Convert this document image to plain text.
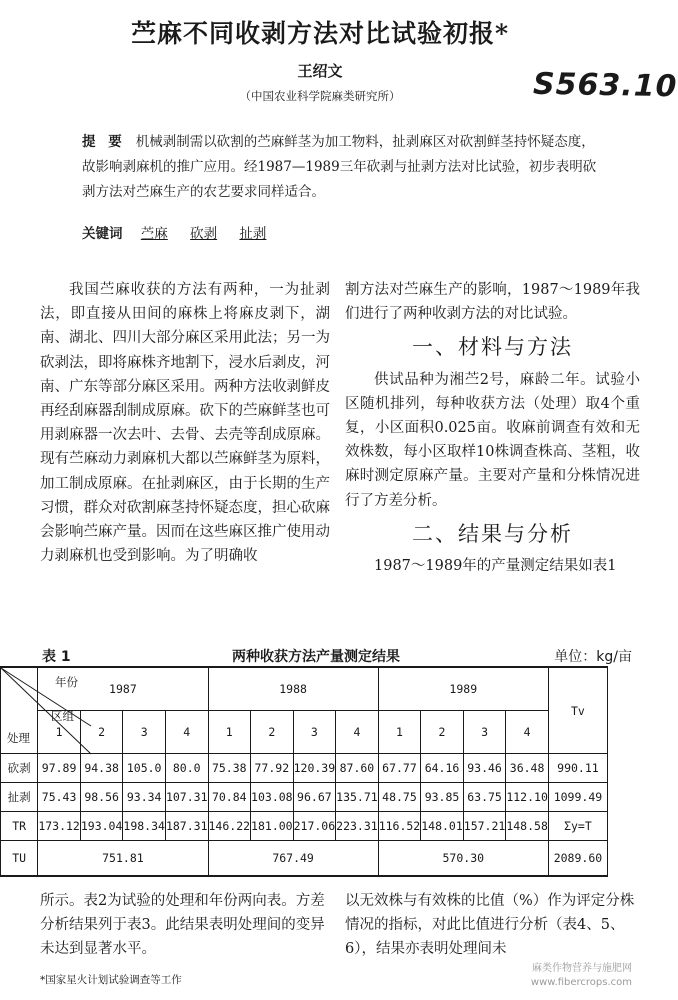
苎麻不同收剥方法对比试验初报*
王绍文
（中国农业科学院麻类研究所）	S563.10
提 要 机械剥制需以砍割的苎麻鲜茎为加工物料，扯剥麻区对砍割鲜茎持怀疑态度，故影响剥麻机的推广应用。经1987—1989三年砍剥与扯剥方法对比试验，初步表明砍剥方法对苎麻生产的农艺要求同样适合。
关键词 苎麻 砍剥 扯剥
我国苎麻收获的方法有两种，一为扯剥法，即直接从田间的麻株上将麻皮剥下，湖南、湖北、四川大部分麻区采用此法；另一为砍剥法，即将麻株齐地割下，浸水后剥皮，河南、广东等部分麻区采用。两种方法收剥鲜皮再经刮麻器刮制成原麻。砍下的苎麻鲜茎也可用剥麻器一次去叶、去骨、去壳等刮成原麻。现有苎麻动力剥麻机大都以苎麻鲜茎为原料，加工制成原麻。在扯剥麻区，由于长期的生产习惯，群众对砍割麻茎持怀疑态度，担心砍麻会影响苎麻产量。因而在这些麻区推广使用动力剥麻机也受到影响。为了明确收
割方法对苎麻生产的影响，1987～1989年我们进行了两种收剥方法的对比试验。
一、材料与方法
供试品种为湘苎2号，麻龄二年。试验小区随机排列，每种收获方法（处理）取4个重复，小区面积0.025亩。收麻前调查有效和无效株数，每小区取样10株调查株高、茎粗，收麻时测定原麻产量。主要对产量和分株情况进行了方差分析。
二、结果与分析
1987～1989年的产量测定结果如表1
表 1	两种收获方法产量测定结果	单位：kg/亩
年份
区组
处理	1987				1988				1989				Tv
	1	2	3	4	1	2	3	4	1	2	3	4	
砍剥	97.89	94.38	105.0	80.0	75.38	77.92	120.39	87.60	67.77	64.16	93.46	36.48	990.11
扯剥	75.43	98.56	93.34	107.31	70.84	103.08	96.67	135.71	48.75	93.85	63.75	112.10	1099.49
TR	173.12	193.04	198.34	187.31	146.22	181.00	217.06	223.31	116.52	148.01	157.21	148.58	Σy=T
TU	751.81				767.49				570.30				2089.60
所示。表2为试验的处理和年份两向表。方差分析结果列于表3。此结果表明处理间的变异未达到显著水平。
以无效株与有效株的比值（%）作为评定分株情况的指标，对此比值进行分析（表4、5、6），结果亦表明处理间未
*国家星火计划试验调查等工作
麻类作物营养与施肥网
www.fibercrops.com
